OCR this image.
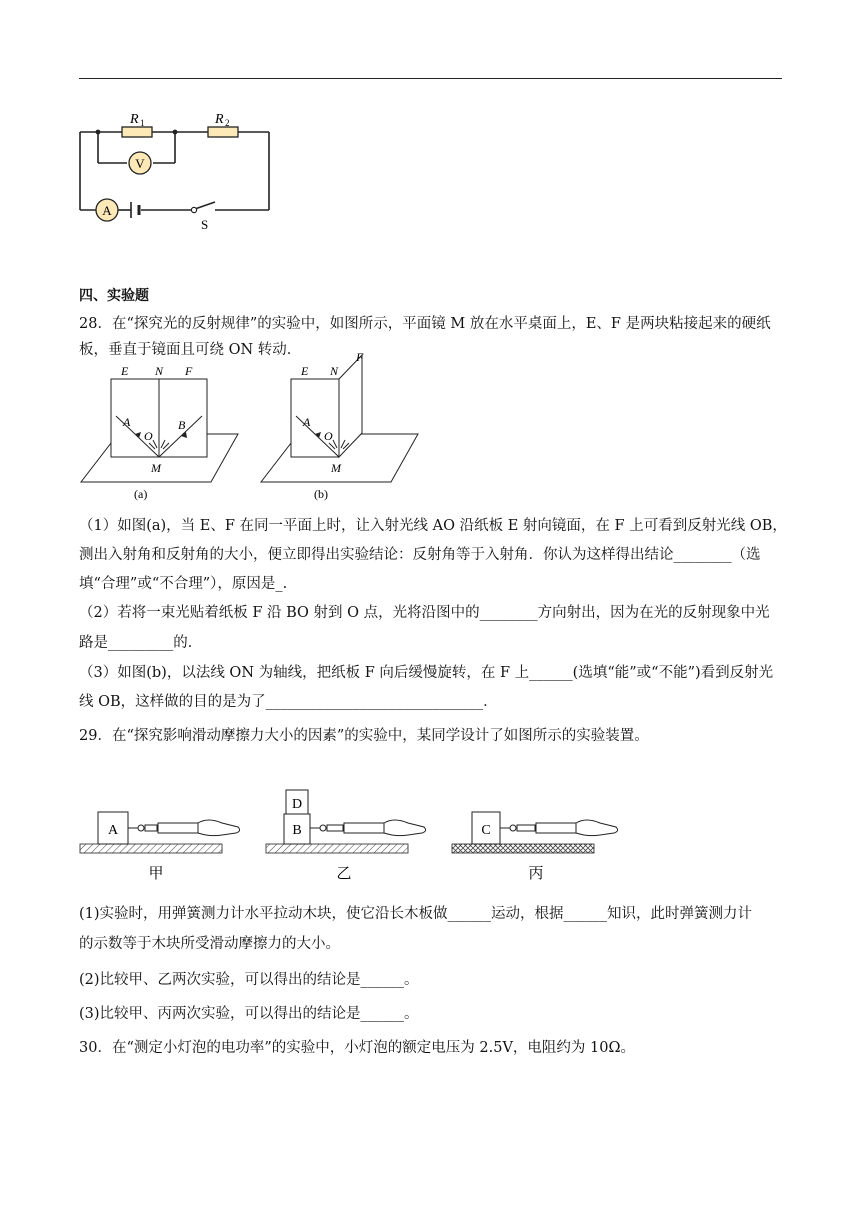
V
A
R 1	R 2
S
四、实验题
28．在“探究光的反射规律”的实验中，如图所示，平面镜 M 放在水平桌面上，E、F 是两块粘接起来的硬纸
板，垂直于镜面且可绕 ON 转动．
E N F
A
O
B
M
(a)
E N
F
A
O
M
(b)
（1）如图(a)，当 E、F 在同一平面上时，让入射光线 AO 沿纸板 E 射向镜面，在 F 上可看到反射光线 OB，
测出入射角和反射角的大小，便立即得出实验结论：反射角等于入射角．你认为这样得出结论________（选
填“合理”或“不合理”），原因是_.
（2）若将一束光贴着纸板 F 沿 BO 射到 O 点，光将沿图中的________方向射出，因为在光的反射现象中光
路是_________的．
（3）如图(b)，以法线 ON 为轴线，把纸板 F 向后缓慢旋转，在 F 上______(选填“能”或“不能”)看到反射光
线 OB，这样做的目的是为了______________________________．
29．在“探究影响滑动摩擦力大小的因素”的实验中，某同学设计了如图所示的实验装置。
A
甲
B
D
乙
C
丙
(1)实验时，用弹簧测力计水平拉动木块，使它沿长木板做______运动，根据______知识，此时弹簧测力计
的示数等于木块所受滑动摩擦力的大小。
(2)比较甲、乙两次实验，可以得出的结论是______。
(3)比较甲、丙两次实验，可以得出的结论是______。
30．在“测定小灯泡的电功率”的实验中，小灯泡的额定电压为 2.5V，电阻约为 10Ω。
